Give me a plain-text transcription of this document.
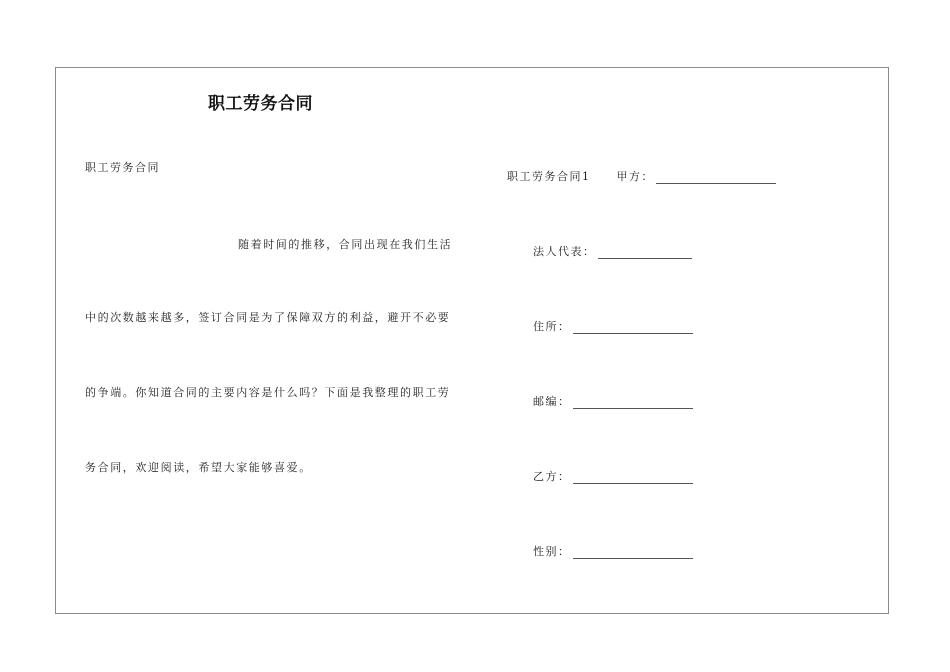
职工劳务合同
职工劳务合同
随着时间的推移，合同出现在我们生活
中的次数越来越多，签订合同是为了保障双方的利益，避开不必要
的争端。你知道合同的主要内容是什么吗？下面是我整理的职工劳
务合同，欢迎阅读，希望大家能够喜爱。
职工劳务合同1 甲方：
法人代表：
住所：
邮编：
乙方：
性别：
